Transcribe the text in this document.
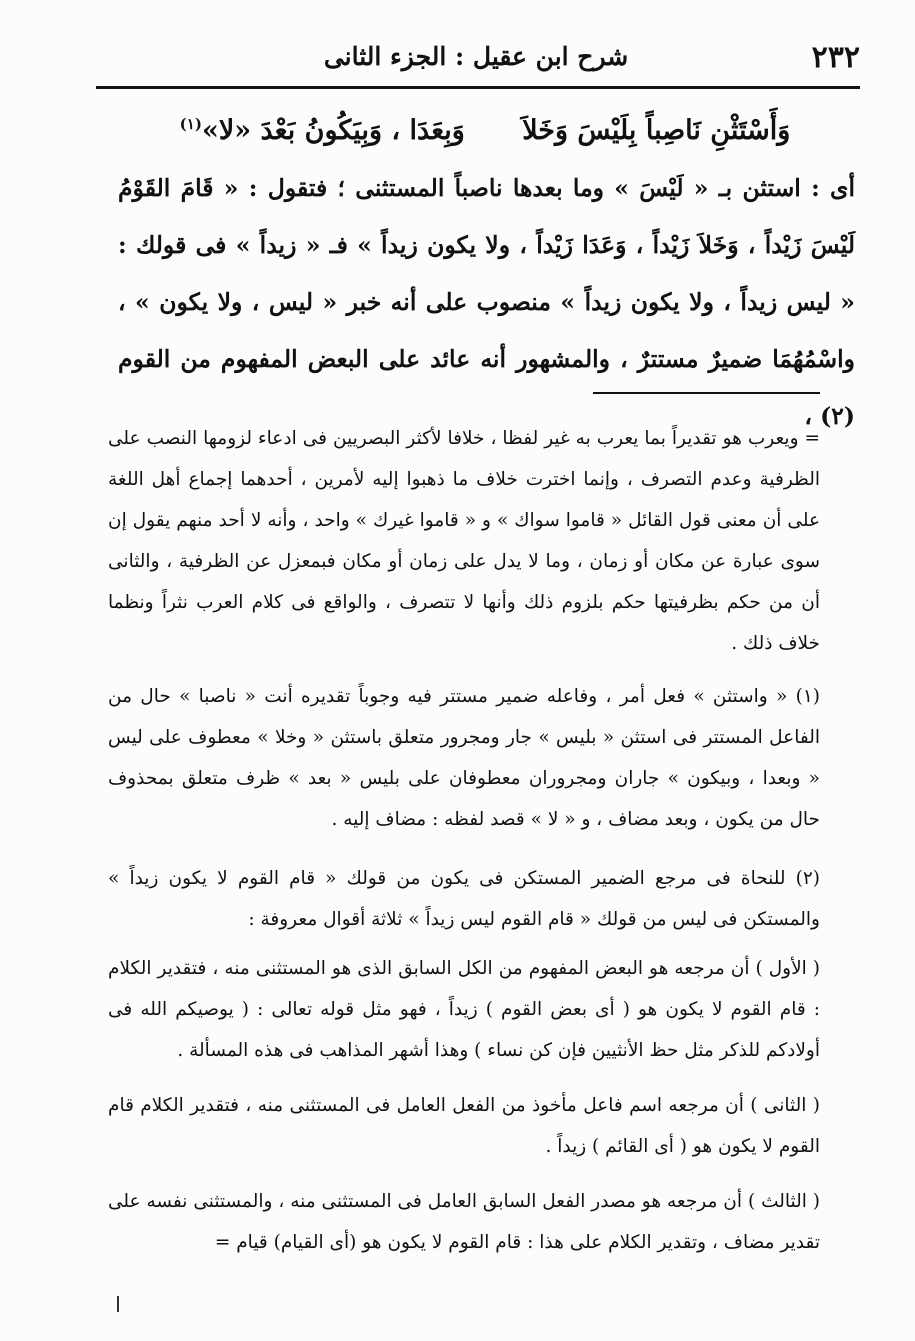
٢٣٢
شرح ابن عقيل : الجزء الثانى
وَأَسْتَثْنِ نَاصِباً بِلَيْسَ وَخَلاَ وَبِعَدَا ، وَبِيَكُونُ بَعْدَ «لا»$^{(١)}$

أى : استثن بـ « لَيْسَ » وما بعدها ناصباً المستثنى ؛ فتقول : « قَامَ القَوْمُ لَيْسَ زَيْداً ، وَخَلاَ زَيْداً ، وَعَدَا زَيْداً ، ولا يكون زيداً » فـ « زيداً » فى قولك : « ليس زيداً ، ولا يكون زيداً » منصوب على أنه خبر « ليس ، ولا يكون » ، واسْمُهُمَا ضميرٌ مستترٌ ، والمشهور أنه عائد على البعض المفهوم من القوم (٢) ،

= ويعرب هو تقديراً بما يعرب به غير لفظا ، خلافا لأكثر البصريين فى ادعاء لزومها النصب على الظرفية وعدم التصرف ، وإنما اخترت خلاف ما ذهبوا إليه لأمرين ، أحدهما إجماع أهل اللغة على أن معنى قول القائل « قاموا سواك » و « قاموا غيرك » واحد ، وأنه لا أحد منهم يقول إن سوى عبارة عن مكان أو زمان ، وما لا يدل على زمان أو مكان فبمعزل عن الظرفية ، والثانى أن من حكم بظرفيتها حكم بلزوم ذلك وأنها لا تتصرف ، والواقع فى كلام العرب نثراً ونظما خلاف ذلك .

(١) « واستثن » فعل أمر ، وفاعله ضمير مستتر فيه وجوباً تقديره أنت « ناصبا » حال من الفاعل المستتر فى استثن « بليس » جار ومجرور متعلق باستثن « وخلا » معطوف على ليس « وبعدا ، وبيكون » جاران ومجروران معطوفان على بليس « بعد » ظرف متعلق بمحذوف حال من يكون ، وبعد مضاف ، و « لا » قصد لفظه : مضاف إليه .

(٢) للنحاة فى مرجع الضمير المستكن فى يكون من قولك « قام القوم لا يكون زيداً » والمستكن فى ليس من قولك « قام القوم ليس زيداً » ثلاثة أقوال معروفة :

( الأول ) أن مرجعه هو البعض المفهوم من الكل السابق الذى هو المستثنى منه ، فتقدير الكلام : قام القوم لا يكون هو ( أى بعض القوم ) زيداً ، فهو مثل قوله تعالى : ( يوصيكم الله فى أولادكم للذكر مثل حظ الأنثيين فإن كن نساء ) وهذا أشهر المذاهب فى هذه المسألة .

( الثانى ) أن مرجعه اسم فاعل مأخوذ من الفعل العامل فى المستثنى منه ، فتقدير الكلام قام القوم لا يكون هو ( أى القائم ) زيداً .

( الثالث ) أن مرجعه هو مصدر الفعل السابق العامل فى المستثنى منه ، والمستثنى نفسه على تقدير مضاف ، وتقدير الكلام على هذا : قام القوم لا يكون هو (أى القيام) قيام =
